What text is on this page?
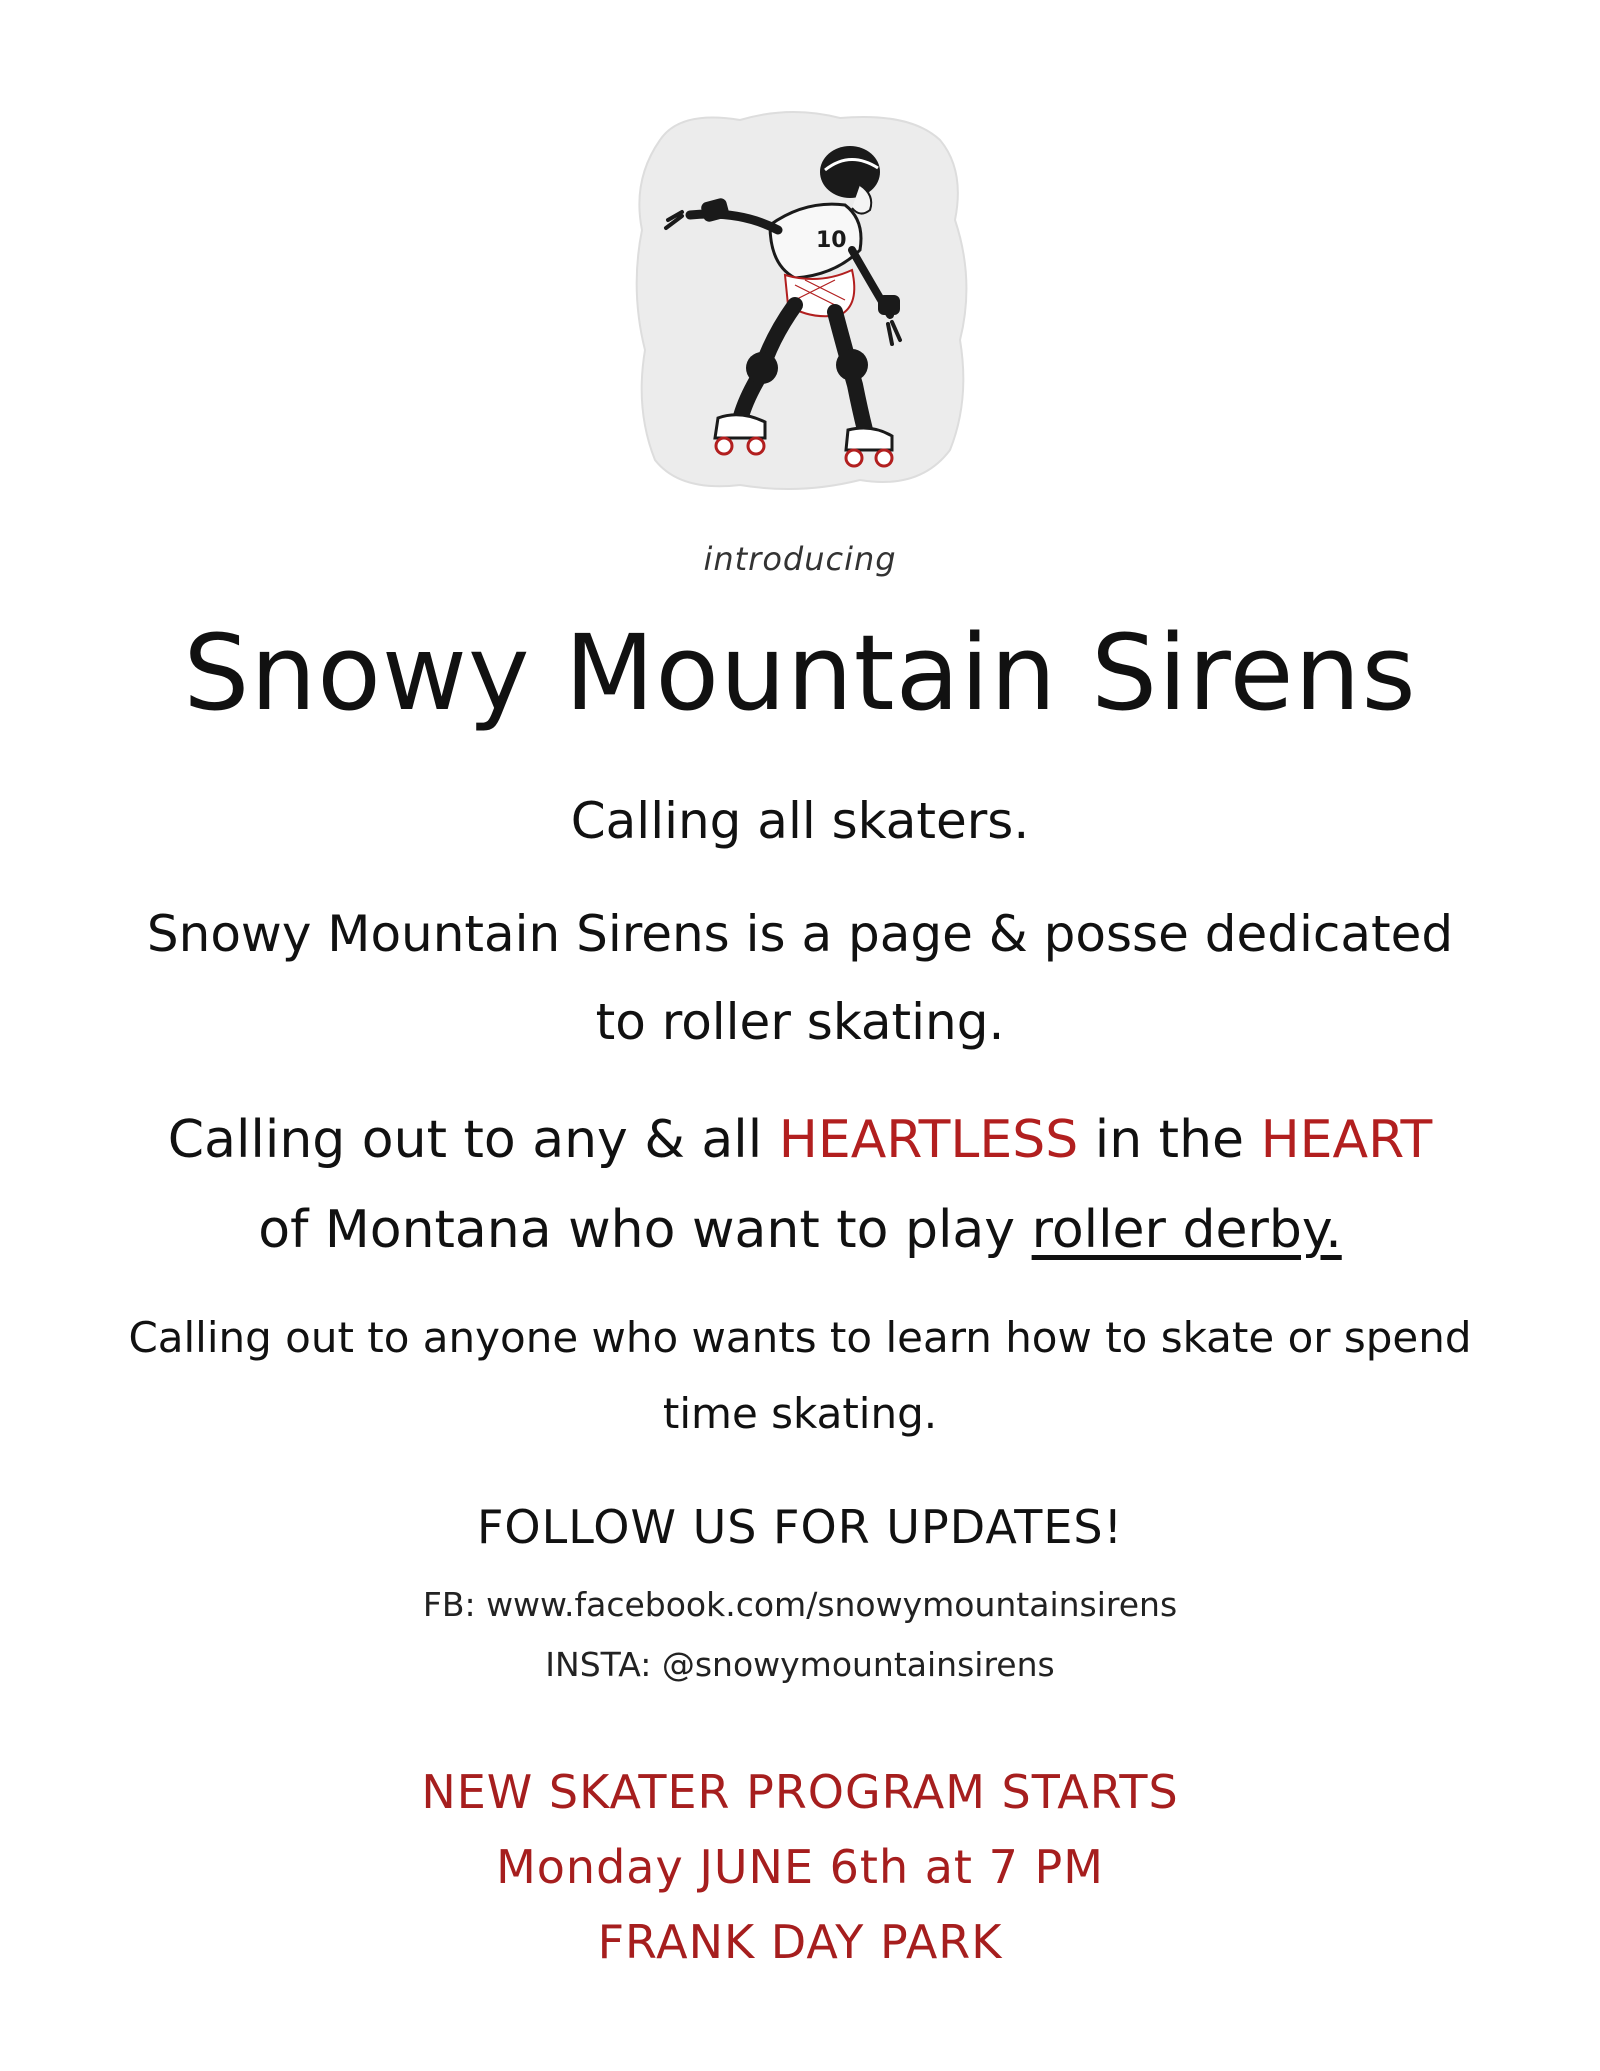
10
introducing
Snowy Mountain Sirens
Calling all skaters.
Snowy Mountain Sirens is a page & posse dedicated
to roller skating.
Calling out to any & all HEARTLESS in the HEART
of Montana who want to play roller derby.
Calling out to anyone who wants to learn how to skate or spend
time skating.
FOLLOW US FOR UPDATES!
FB: www.facebook.com/snowymountainsirens
INSTA: @snowymountainsirens
NEW SKATER PROGRAM STARTS
Monday JUNE 6th at 7 PM
FRANK DAY PARK
